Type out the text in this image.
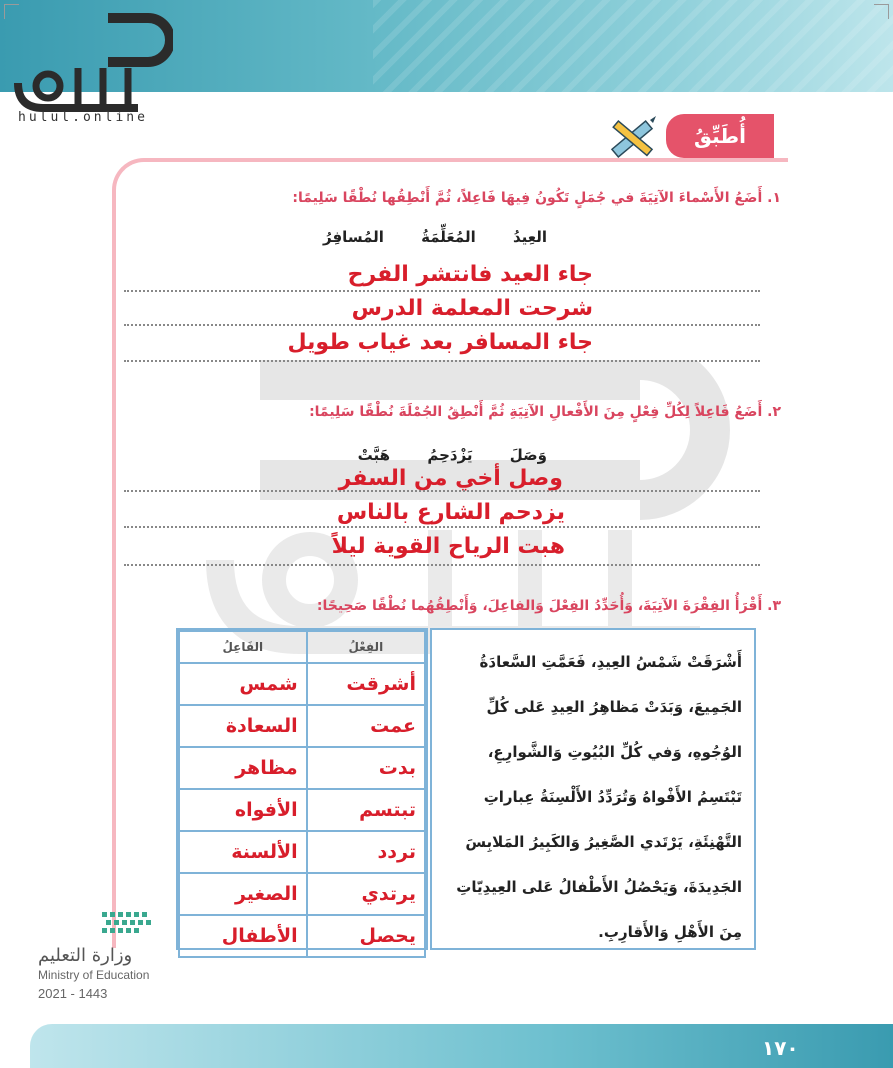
hulul.online
أُطَبِّقُ
١. أَضَعُ الأَسْماءَ الآتِيَةَ في جُمَلٍ تَكُونُ فِيهَا فَاعِلاً، ثُمَّ أَنْطِقُها نُطْقًا سَلِيمًا:
العِيدُ المُعَلِّمَةُ المُسافِرُ
جاء العيد فانتشر الفرح
شرحت المعلمة الدرس
جاء المسافر بعد غياب طويل
٢. أَضَعُ فَاعِلاً لِكُلِّ فِعْلٍ مِنَ الأَفْعالِ الآتِيَةِ ثُمَّ أَنْطِقُ الجُمْلَةَ نُطْقًا سَلِيمًا:
وَصَلَ يَزْدَحِمُ هَبَّتْ
وصل أخي من السفر
يزدحم الشارع بالناس
هبت الرياح القوية ليلاً
٣. أَقْرَأُ الفِقْرَةَ الآتِيَةَ، وَأُحَدِّدُ الفِعْلَ وَالفاعِلَ، وَأَنْطِقُهُما نُطْقًا صَحِيحًا:
الفِعْلُ	الفَاعِلُ
أشرقت	شمس
عمت	السعادة
بدت	مظاهر
تبتسم	الأفواه
تردد	الألسنة
يرتدي	الصغير
يحصل	الأطفال
أَشْرَقَتْ شَمْسُ العِيدِ، فَعَمَّتِ السَّعادَةُ الجَمِيعَ، وَبَدَتْ مَظاهِرُ العِيدِ عَلى كُلِّ الوُجُوهِ، وَفي كُلِّ البُيُوتِ وَالشَّوارِعِ، تَبْتَسِمُ الأَفْواهُ وَتُرَدِّدُ الأَلْسِنَةُ عِباراتِ التَّهْنِئَةِ، يَرْتَدي الصَّغِيرُ وَالكَبِيرُ المَلابِسَ الجَدِيدَةَ، وَيَحْصُلُ الأَطْفالُ عَلى العِيدِيّاتِ مِنَ الأَهْلِ وَالأَقارِبِ.
وزارة التعليم
Ministry of Education
2021 - 1443
١٧٠
